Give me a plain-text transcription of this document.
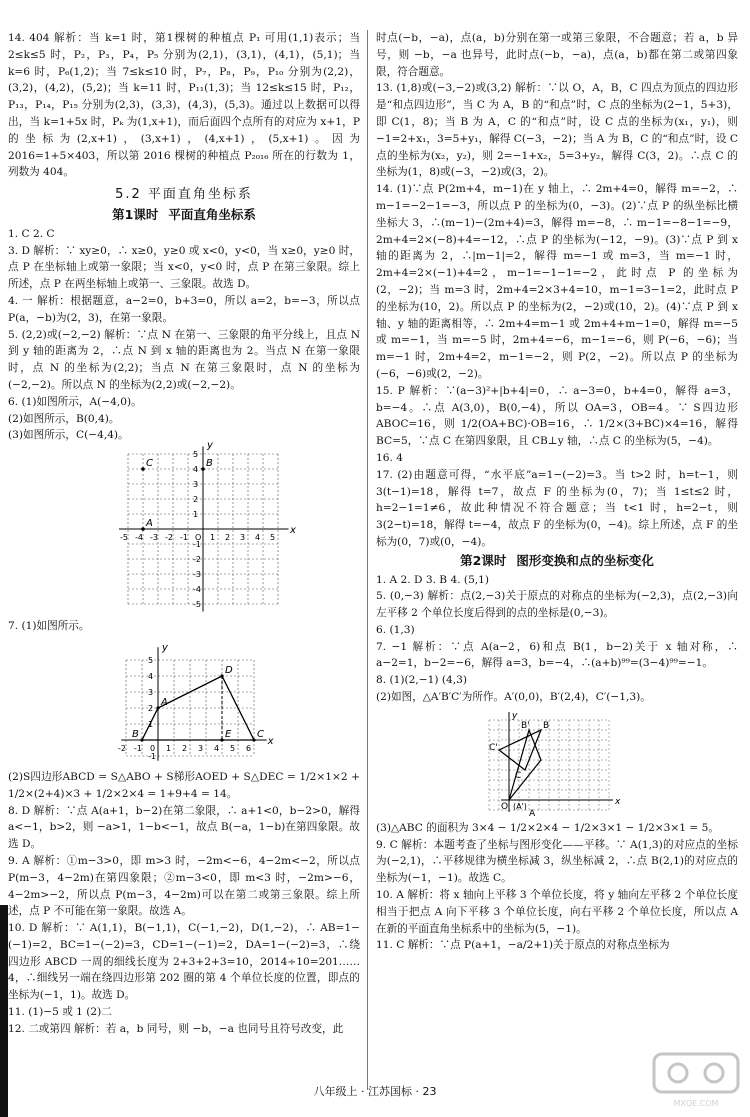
14. 404 解析：当 k=1 时，第1棵树的种植点 P₁ 可用(1,1)表示；当 2≤k≤5 时，P₂，P₃，P₄，P₅ 分别为(2,1)，(3,1)，(4,1)，(5,1)；当 k=6 时，P₆(1,2)；当 7≤k≤10 时，P₇，P₈，P₉，P₁₀ 分别为(2,2)，(3,2)，(4,2)，(5,2)；当 k=11 时，P₁₁(1,3)；当 12≤k≤15 时，P₁₂，P₁₃，P₁₄，P₁₅ 分别为(2,3)，(3,3)，(4,3)，(5,3)。通过以上数据可以得出，当 k=1+5x 时，Pₖ 为(1,x+1)，而后面四个点所有的对应为 x+1，P 的坐标为(2,x+1)，(3,x+1)，(4,x+1)，(5,x+1)。因为 2016=1+5×403，所以第 2016 棵树的种植点 P₂₀₁₆ 所在的行数为 1，列数为 404。

5.2 平面直角坐标系
第1课时 平面直角坐标系

1. C 2. C

3. D 解析：∵ xy≥0，∴ x≥0，y≥0 或 x<0，y<0，当 x≥0，y≥0 时，点 P 在坐标轴上或第一象限；当 x<0，y<0 时，点 P 在第三象限。综上所述，点 P 在两坐标轴上或第一、三象限。故选 D。

4. 一 解析：根据题意，a−2=0，b+3=0，所以 a=2，b=−3，所以点 P(a，−b)为(2，3)，在第一象限。

5. (2,2)或(−2,−2) 解析：∵点 N 在第一、三象限的角平分线上，且点 N 到 y 轴的距离为 2，∴点 N 到 x 轴的距离也为 2。当点 N 在第一象限时，点 N 的坐标为(2,2)；当点 N 在第三象限时，点 N 的坐标为(−2,−2)。所以点 N 的坐标为(2,2)或(−2,−2)。

6. (1)如图所示，A(−4,0)。

(2)如图所示，B(0,4)。

(3)如图所示，C(−4,4)。

-5 -4 -3 -2 -1 O 1 2 3 4 5
5
4
3
2
1
-1
-2
-3
-4
-5
C	B
A
x
y

7. (1)如图所示。

-2 -1 0 1 2 3 4 5 6
5
4
3
2
1
-1
A
B
D
C
E
x
y

(2)S四边形ABCD = S△ABO + S梯形AOED + S△DEC = 1/2×1×2 + 1/2×(2+4)×3 + 1/2×2×4 = 1+9+4 = 14。

8. D 解析：∵点 A(a+1，b−2)在第二象限，∴ a+1<0，b−2>0，解得 a<−1，b>2，则 −a>1，1−b<−1，故点 B(−a，1−b)在第四象限。故选 D。

9. A 解析：①m−3>0，即 m>3 时，−2m<−6，4−2m<−2，所以点 P(m−3，4−2m)在第四象限；②m−3<0，即 m<3 时，−2m>−6，4−2m>−2，所以点 P(m−3，4−2m)可以在第二或第三象限。综上所述，点 P 不可能在第一象限。故选 A。

10. D 解析：∵ A(1,1)，B(−1,1)，C(−1,−2)，D(1,−2)，∴ AB=1−(−1)=2，BC=1−(−2)=3，CD=1−(−1)=2，DA=1−(−2)=3，∴绕四边形 ABCD 一周的细线长度为 2+3+2+3=10，2014÷10=201……4，∴细线另一端在绕四边形第 202 圈的第 4 个单位长度的位置，即点的坐标为(−1，1)。故选 D。

11. (1)−5 或 1 (2)二

12. 二或第四 解析：若 a，b 同号，则 −b，−a 也同号且符号改变，此

时点(−b，−a)，点(a，b)分别在第一或第三象限，不合题意；若 a，b 异号，则 −b，−a 也异号，此时点(−b，−a)，点(a，b)都在第二或第四象限，符合题意。

13. (1,8)或(−3,−2)或(3,2) 解析：∵以 O，A，B，C 四点为顶点的四边形是“和点四边形”，当 C 为 A，B 的“和点”时，C 点的坐标为(2−1，5+3)，即 C(1，8)；当 B 为 A，C 的“和点”时，设 C 点的坐标为(x₁，y₁)，则 −1=2+x₁，3=5+y₁，解得 C(−3，−2)；当 A 为 B，C 的“和点”时，设 C 点的坐标为(x₂，y₂)，则 2=−1+x₂，5=3+y₂，解得 C(3，2)。∴点 C 的坐标为(1，8)或(−3，−2)或(3，2)。

14. (1)∵点 P(2m+4，m−1)在 y 轴上，∴ 2m+4=0，解得 m=−2，∴ m−1=−2−1=−3，所以点 P 的坐标为(0，−3)。(2)∵点 P 的纵坐标比横坐标大 3，∴(m−1)−(2m+4)=3，解得 m=−8，∴ m−1=−8−1=−9，2m+4=2×(−8)+4=−12，∴点 P 的坐标为(−12，−9)。(3)∵点 P 到 x 轴的距离为 2，∴|m−1|=2，解得 m=−1 或 m=3，当 m=−1 时，2m+4=2×(−1)+4=2，m−1=−1−1=−2，此时点 P 的坐标为(2，−2)；当 m=3 时，2m+4=2×3+4=10，m−1=3−1=2，此时点 P 的坐标为(10，2)。所以点 P 的坐标为(2，−2)或(10，2)。(4)∵点 P 到 x 轴、y 轴的距离相等，∴ 2m+4=m−1 或 2m+4+m−1=0，解得 m=−5 或 m=−1，当 m=−5 时，2m+4=−6，m−1=−6，则 P(−6，−6)；当 m=−1 时，2m+4=2，m−1=−2，则 P(2，−2)。所以点 P 的坐标为(−6，−6)或(2，−2)。

15. P 解析：∵(a−3)²+|b+4|=0，∴ a−3=0，b+4=0，解得 a=3，b=−4。∴点 A(3,0)，B(0,−4)，所以 OA=3，OB=4。∵ S四边形ABOC=16，则 1/2(OA+BC)·OB=16，∴ 1/2×(3+BC)×4=16，解得 BC=5，∵点 C 在第四象限，且 CB⊥y 轴，∴点 C 的坐标为(5，−4)。

16. 4

17. (2)由题意可得，“水平底”a=1−(−2)=3。当 t>2 时，h=t−1，则 3(t−1)=18，解得 t=7，故点 F 的坐标为(0，7)；当 1≤t≤2 时，h=2−1=1≠6，故此种情况不符合题意；当 t<1 时，h=2−t，则 3(2−t)=18，解得 t=−4，故点 F 的坐标为(0，−4)。综上所述，点 F 的坐标为(0，7)或(0，−4)。

第2课时 图形变换和点的坐标变化

1. A 2. D 3. B 4. (5,1)

5. (0,−3) 解析：点(2,−3)关于原点的对称点的坐标为(−2,3)，点(2,−3)向左平移 2 个单位长度后得到的点的坐标是(0,−3)。

6. (1,3)

7. −1 解析：∵点 A(a−2，6)和点 B(1，b−2)关于 x 轴对称，∴ a−2=1，b−2=−6，解得 a=3，b=−4，∴(a+b)⁹⁹=(3−4)⁹⁹=−1。

8. (1)(2,−1) (4,3)

(2)如图，△A′B′C′为所作。A′(0,0)，B′(2,4)，C′(−1,3)。

x
y
A
B' B
C'
C
O (A')

(3)△ABC 的面积为 3×4 − 1/2×2×4 − 1/2×3×1 − 1/2×3×1 = 5。

9. C 解析：本题考查了坐标与图形变化——平移。∵ A(1,3)的对应点的坐标为(−2,1)，∴平移规律为横坐标减 3，纵坐标减 2，∴点 B(2,1)的对应点的坐标为(−1，−1)。故选 C。

10. A 解析：将 x 轴向上平移 3 个单位长度，将 y 轴向左平移 2 个单位长度相当于把点 A 向下平移 3 个单位长度，向右平移 2 个单位长度，所以点 A 在新的平面直角坐标系中的坐标为(5，−1)。

11. C 解析：∵点 P(a+1，−a/2+1)关于原点的对称点坐标为

八年级上 · 江苏国标 · 23
MXQE.COM
